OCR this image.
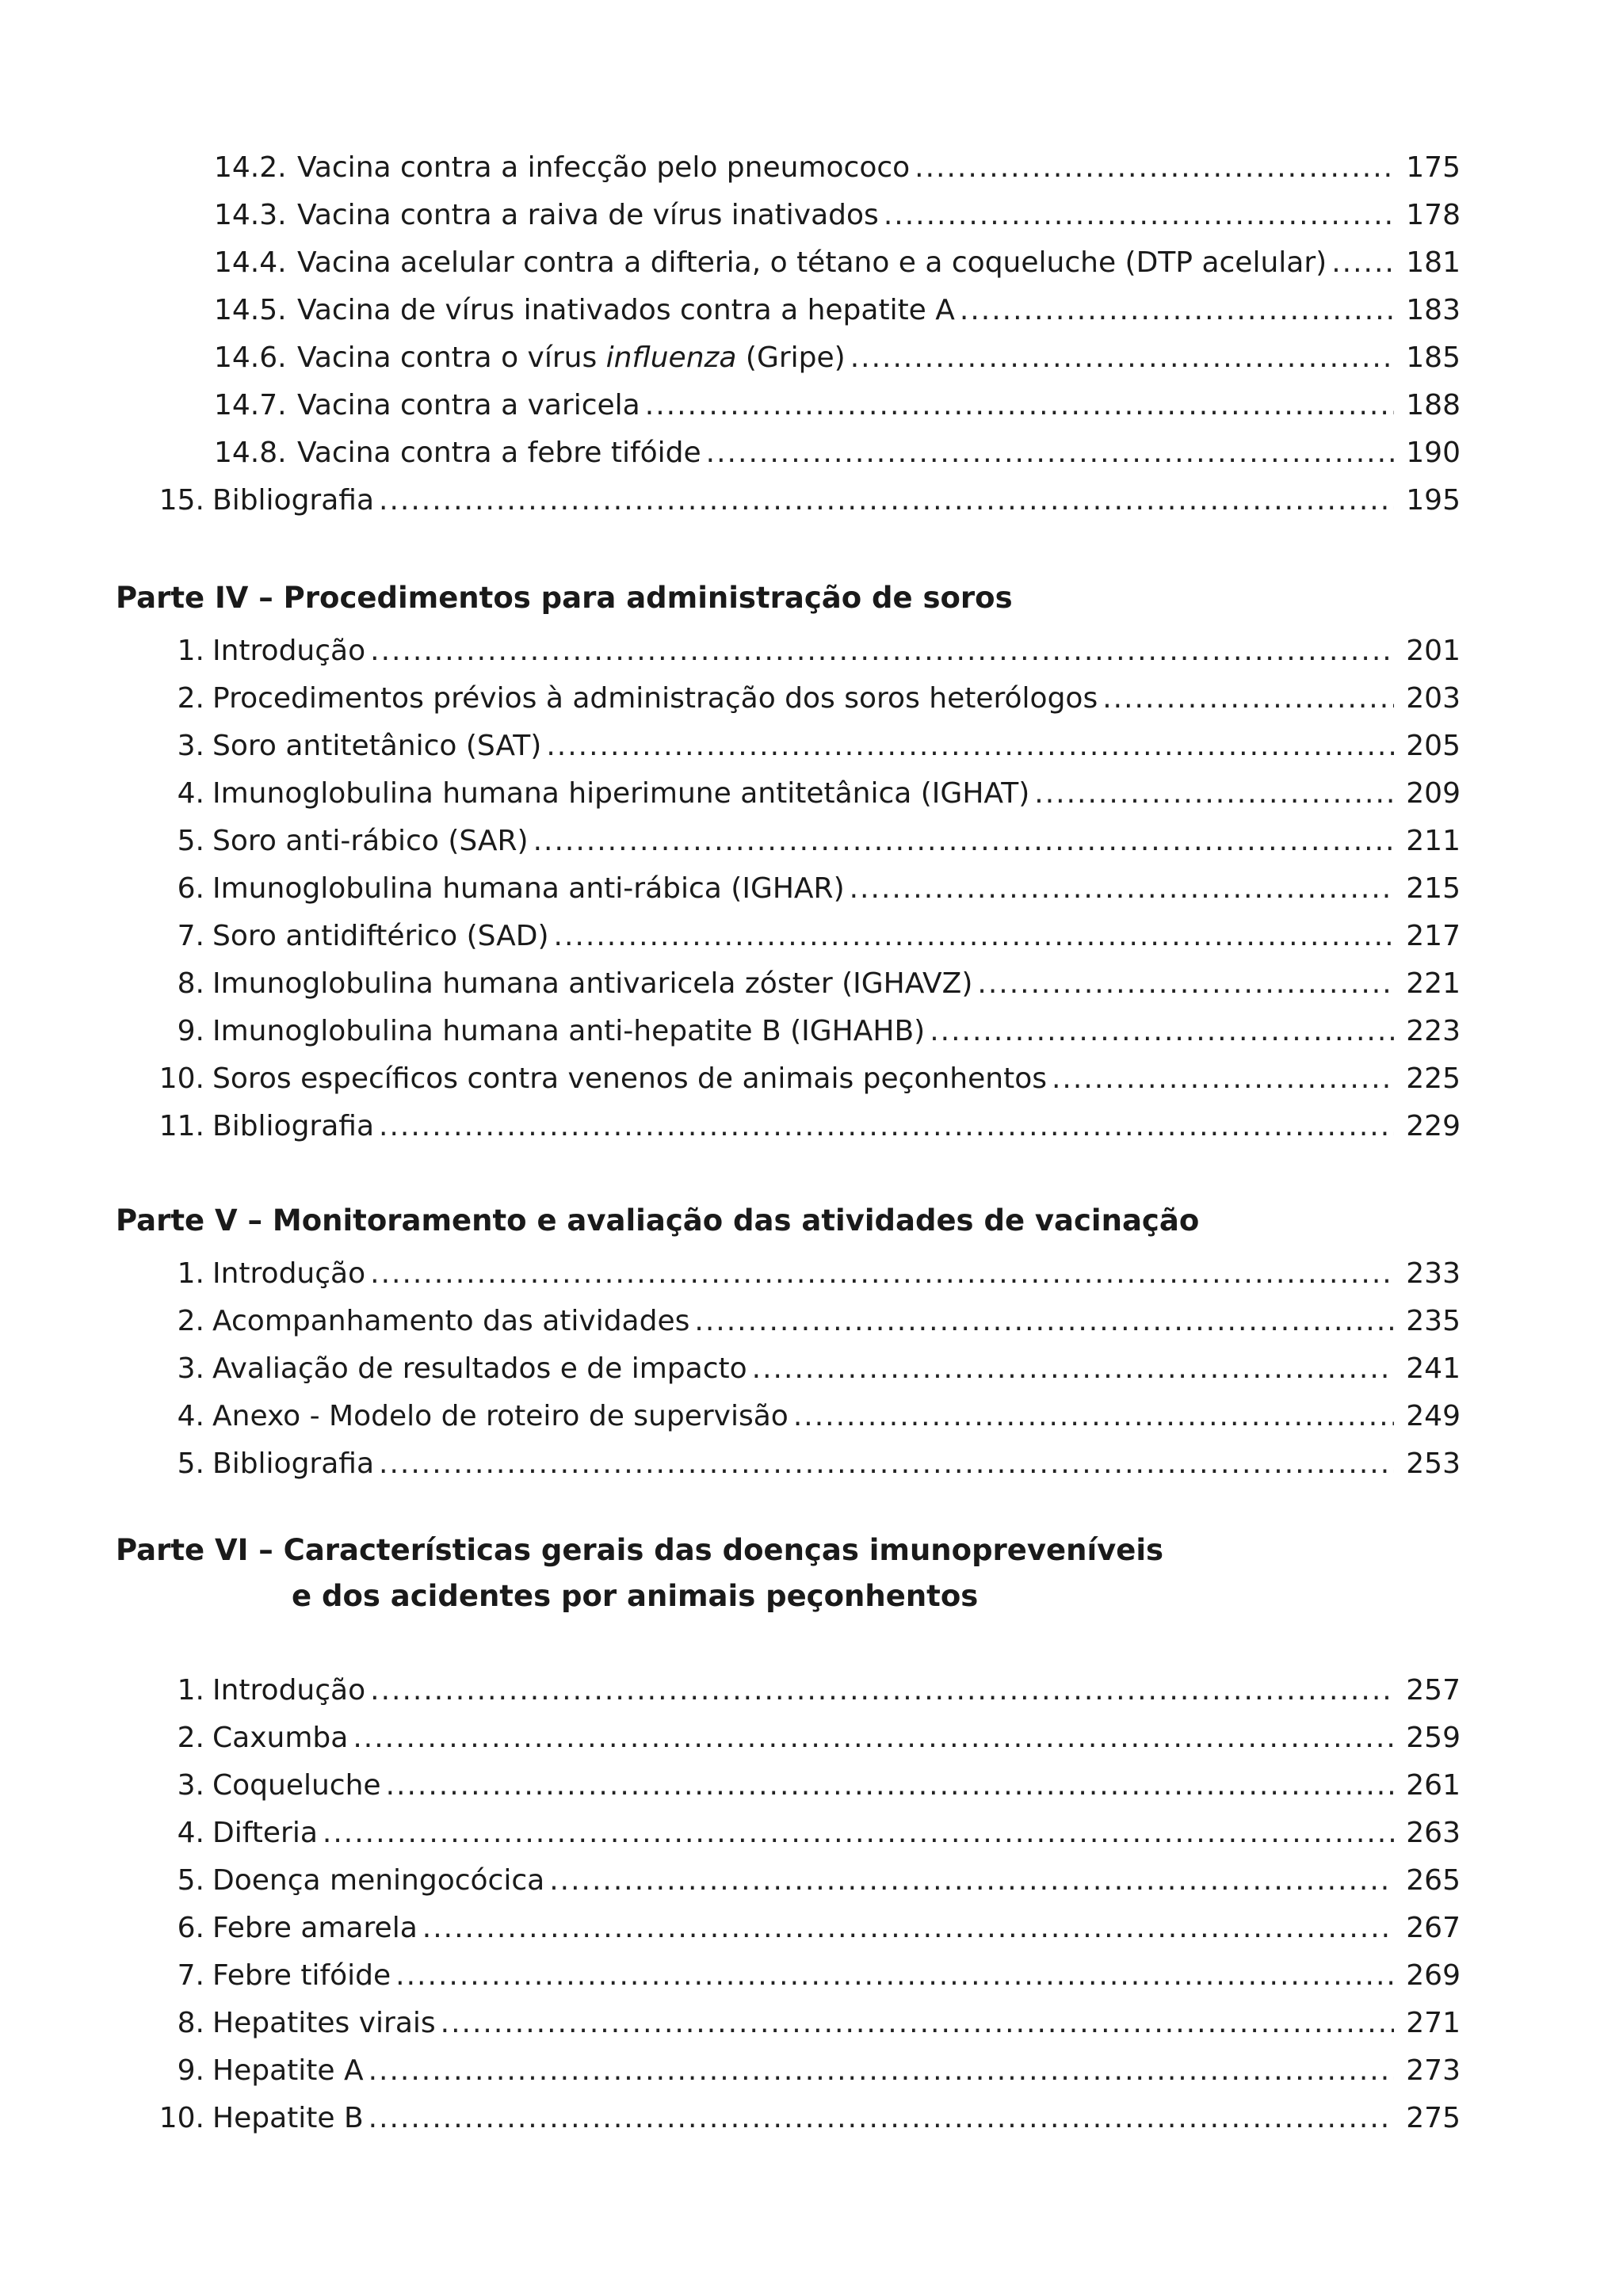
14.2. Vacina contra a infecção pelo pneumococo .....	175
14.3. Vacina contra a raiva de vírus inativados .....	178
14.4. Vacina acelular contra a difteria, o tétano e a coqueluche (DTP acelular) .....	181
14.5. Vacina de vírus inativados contra a hepatite A .....	183
14.6. Vacina contra o vírus influenza (Gripe) .....	185
14.7. Vacina contra a varicela .....	188
14.8. Vacina contra a febre tifóide .....	190
15. Bibliografia .....	195
Parte IV – Procedimentos para administração de soros
1. Introdução .....	201
2. Procedimentos prévios à administração dos soros heterólogos .....	203
3. Soro antitetânico (SAT) .....	205
4. Imunoglobulina humana hiperimune antitetânica (IGHAT) .....	209
5. Soro anti-rábico (SAR) .....	211
6. Imunoglobulina humana anti-rábica (IGHAR) .....	215
7. Soro antidiftérico (SAD) .....	217
8. Imunoglobulina humana antivaricela zóster (IGHAVZ) .....	221
9. Imunoglobulina humana anti-hepatite B (IGHAHB) .....	223
10. Soros específicos contra venenos de animais peçonhentos .....	225
11. Bibliografia .....	229
Parte V – Monitoramento e avaliação das atividades de vacinação
1. Introdução .....	233
2. Acompanhamento das atividades .....	235
3. Avaliação de resultados e de impacto .....	241
4. Anexo - Modelo de roteiro de supervisão .....	249
5. Bibliografia .....	253
Parte VI – Características gerais das doenças imunopreveníveis
e dos acidentes por animais peçonhentos
1. Introdução .....	257
2. Caxumba .....	259
3. Coqueluche .....	261
4. Difteria .....	263
5. Doença meningocócica .....	265
6. Febre amarela .....	267
7. Febre tifóide .....	269
8. Hepatites virais .....	271
9. Hepatite A .....	273
10. Hepatite B .....	275
